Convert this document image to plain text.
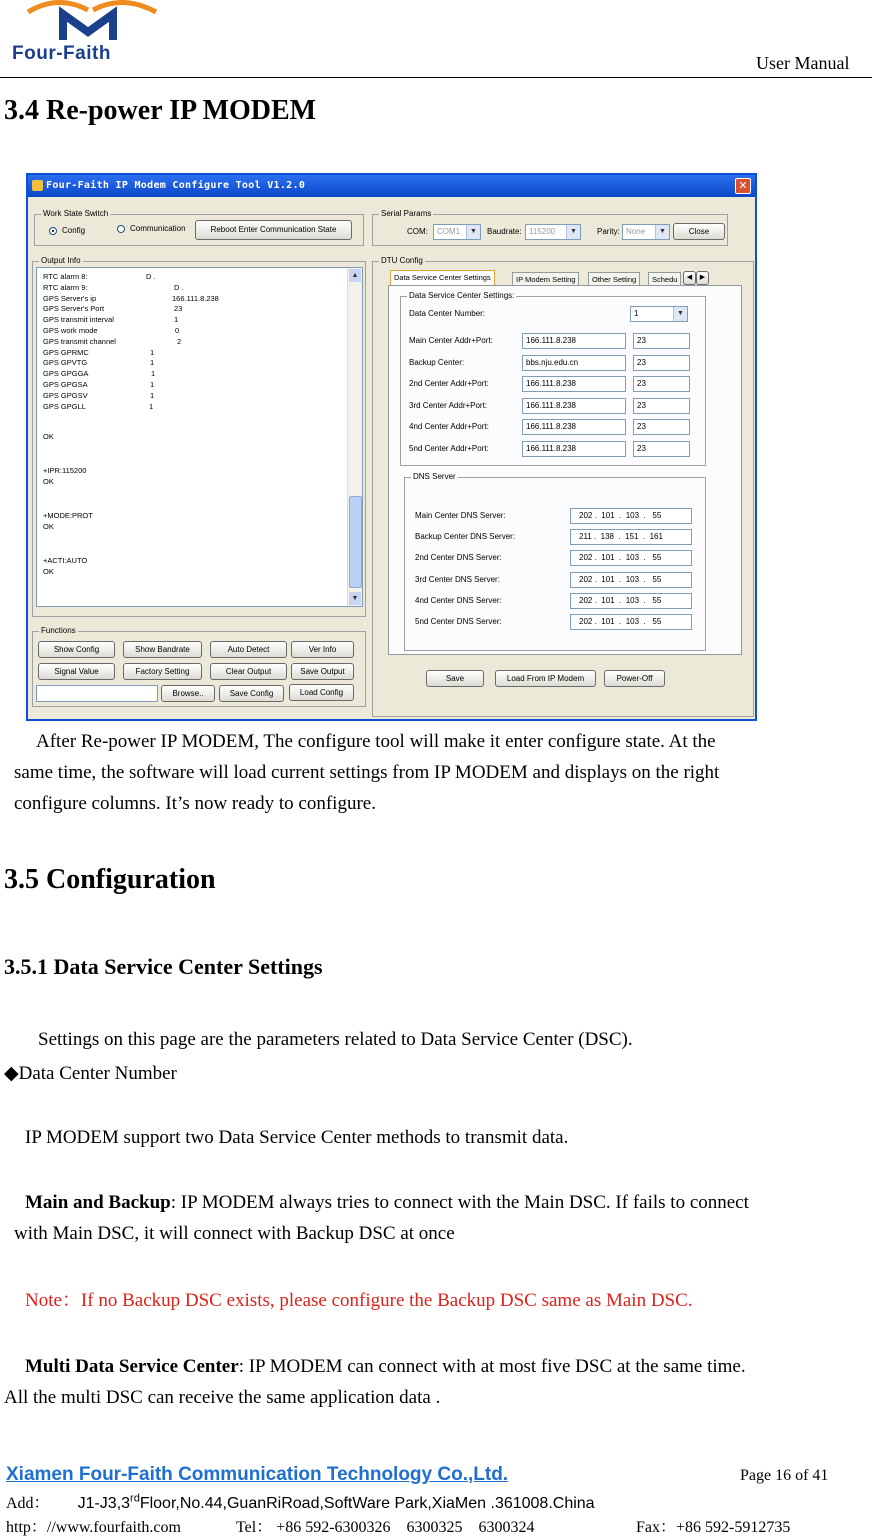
Four-Faith	User Manual
3.4 Re-power IP MODEM
Four-Faith IP Modem Configure Tool V1.2.0	✕
Work State Switch
Config	Communication	Reboot Enter Communication State
Serial Params
COM:	COM1	▼	Baudrate: 115200	▼	Parity: None	▼	Close
Output Info
RTC alarm 8:	D .
RTC alarm 9:	D .
GPS Server's ip	166.111.8.238
GPS Server's Port	23
GPS transmit interval	1
GPS work mode	0
GPS transmit channel	2
GPS GPRMC	1
GPS GPVTG	1
GPS GPGGA	1
GPS GPGSA	1
GPS GPGSV	1
GPS GPGLL	1
OK
+IPR:115200
OK
+MODE:PROT
OK
+ACTI:AUTO
OK
▲
▼
Functions
Show Config	Show Bandrate	Auto Detect	Ver Info
Signal Value	Factory Setting	Clear Output	Save Output
Browse..	Save Config	Load Config
DTU Config
Data Service Center Settings	IP Modem Setting	Other Setting	Schedu	◀	▶
Data Service Center Settings:
Data Center Number:	1	▼
Main Center Addr+Port:	166.111.8.238	23
Backup Center:	bbs.nju.edu.cn	23
2nd Center Addr+Port:	166.111.8.238	23
3rd Center Addr+Port:	166.111.8.238	23
4nd Center Addr+Port:	166.111.8.238	23
5nd Center Addr+Port:	166.111.8.238	23
DNS Server
Main Center DNS Server:	202 .  101  .  103  .   55
Backup Center DNS Server:	211 .  138  .  151  .  161
2nd Center DNS Server:	202 .  101  .  103  .   55
3rd Center DNS Server:	202 .  101  .  103  .   55
4nd Center DNS Server:	202 .  101  .  103  .   55
5nd Center DNS Server:	202 .  101  .  103  .   55
Save	Load From IP Modem	Power-Off
After Re-power IP MODEM, The configure tool will make it enter configure state. At the
same time, the software will load current settings from IP MODEM and displays on the right
configure columns. It’s now ready to configure.
3.5 Configuration
3.5.1 Data Service Center Settings
Settings on this page are the parameters related to Data Service Center (DSC).
◆Data Center Number
IP MODEM support two Data Service Center methods to transmit data.
Main and Backup: IP MODEM always tries to connect with the Main DSC. If fails to connect
with Main DSC, it will connect with Backup DSC at once
Note：If no Backup DSC exists, please configure the Backup DSC same as Main DSC.
Multi Data Service Center: IP MODEM can connect with at most five DSC at the same time.
All the multi DSC can receive the same application data .
Xiamen Four-Faith Communication Technology Co.,Ltd.	Page 16 of 41
Add： J1-J3,3rdFloor,No.44,GuanRiRoad,SoftWare Park,XiaMen .361008.China
http：//www.fourfaith.com	Tel： +86 592-6300326    6300325    6300324	Fax：+86 592-5912735
